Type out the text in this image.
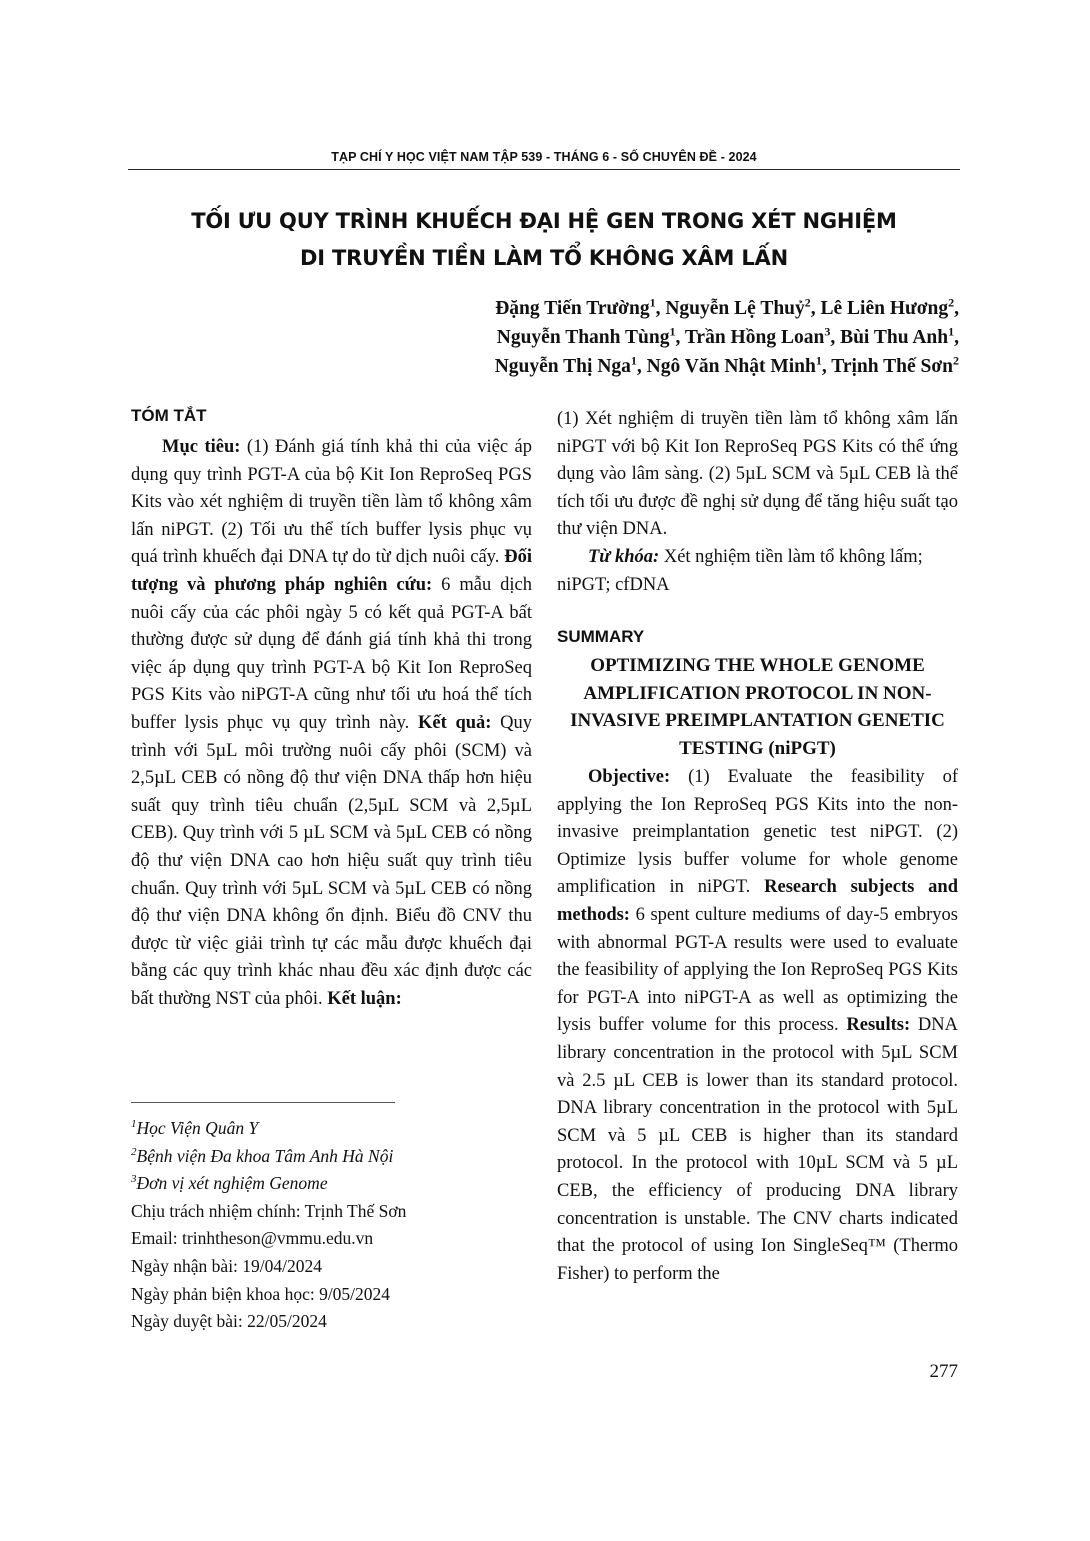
TẠP CHÍ Y HỌC VIỆT NAM TẬP 539 - THÁNG 6 - SỐ CHUYÊN ĐỀ - 2024
TỐI ƯU QUY TRÌNH KHUẾCH ĐẠI HỆ GEN TRONG XÉT NGHIỆM
DI TRUYỀN TIỀN LÀM TỔ KHÔNG XÂM LẤN
Đặng Tiến Trường$^1$, Nguyễn Lệ Thuỷ$^2$, Lê Liên Hương$^2$,
Nguyễn Thanh Tùng$^1$, Trần Hồng Loan$^3$, Bùi Thu Anh$^1$,
Nguyễn Thị Nga$^1$, Ngô Văn Nhật Minh$^1$, Trịnh Thế Sơn$^2$
TÓM TẮT

Mục tiêu: (1) Đánh giá tính khả thi của việc áp dụng quy trình PGT-A của bộ Kit Ion ReproSeq PGS Kits vào xét nghiệm di truyền tiền làm tổ không xâm lấn niPGT. (2) Tối ưu thể tích buffer lysis phục vụ quá trình khuếch đại DNA tự do từ dịch nuôi cấy. Đối tượng và phương pháp nghiên cứu: 6 mẫu dịch nuôi cấy của các phôi ngày 5 có kết quả PGT-A bất thường được sử dụng để đánh giá tính khả thi trong việc áp dụng quy trình PGT-A bộ Kit Ion ReproSeq PGS Kits vào niPGT-A cũng như tối ưu hoá thể tích buffer lysis phục vụ quy trình này. Kết quả: Quy trình với 5µL môi trường nuôi cấy phôi (SCM) và 2,5µL CEB có nồng độ thư viện DNA thấp hơn hiệu suất quy trình tiêu chuẩn (2,5µL SCM và 2,5µL CEB). Quy trình với 5 µL SCM và 5µL CEB có nồng độ thư viện DNA cao hơn hiệu suất quy trình tiêu chuẩn. Quy trình với 5µL SCM và 5µL CEB có nồng độ thư viện DNA không ổn định. Biểu đồ CNV thu được từ việc giải trình tự các mẫu được khuếch đại bằng các quy trình khác nhau đều xác định được các bất thường NST của phôi. Kết luận:

$^1$Học Viện Quân Y
$^2$Bệnh viện Đa khoa Tâm Anh Hà Nội
$^3$Đơn vị xét nghiệm Genome
Chịu trách nhiệm chính: Trịnh Thế Sơn
Email: trinhtheson@vmmu.edu.vn
Ngày nhận bài: 19/04/2024
Ngày phản biện khoa học: 9/05/2024
Ngày duyệt bài: 22/05/2024

(1) Xét nghiệm di truyền tiền làm tổ không xâm lấn niPGT với bộ Kit Ion ReproSeq PGS Kits có thể ứng dụng vào lâm sàng. (2) 5µL SCM và 5µL CEB là thể tích tối ưu được đề nghị sử dụng để tăng hiệu suất tạo thư viện DNA.

Từ khóa: Xét nghiệm tiền làm tổ không lấm; niPGT; cfDNA

SUMMARY
OPTIMIZING THE WHOLE GENOME AMPLIFICATION PROTOCOL IN NON-INVASIVE PREIMPLANTATION GENETIC TESTING (niPGT)

Objective: (1) Evaluate the feasibility of applying the Ion ReproSeq PGS Kits into the non-invasive preimplantation genetic test niPGT. (2) Optimize lysis buffer volume for whole genome amplification in niPGT. Research subjects and methods: 6 spent culture mediums of day-5 embryos with abnormal PGT-A results were used to evaluate the feasibility of applying the Ion ReproSeq PGS Kits for PGT-A into niPGT-A as well as optimizing the lysis buffer volume for this process. Results: DNA library concentration in the protocol with 5µL SCM và 2.5 µL CEB is lower than its standard protocol. DNA library concentration in the protocol with 5µL SCM và 5 µL CEB is higher than its standard protocol. In the protocol with 10µL SCM và 5 µL CEB, the efficiency of producing DNA library concentration is unstable. The CNV charts indicated that the protocol of using Ion SingleSeq™ (Thermo Fisher) to perform the

277
